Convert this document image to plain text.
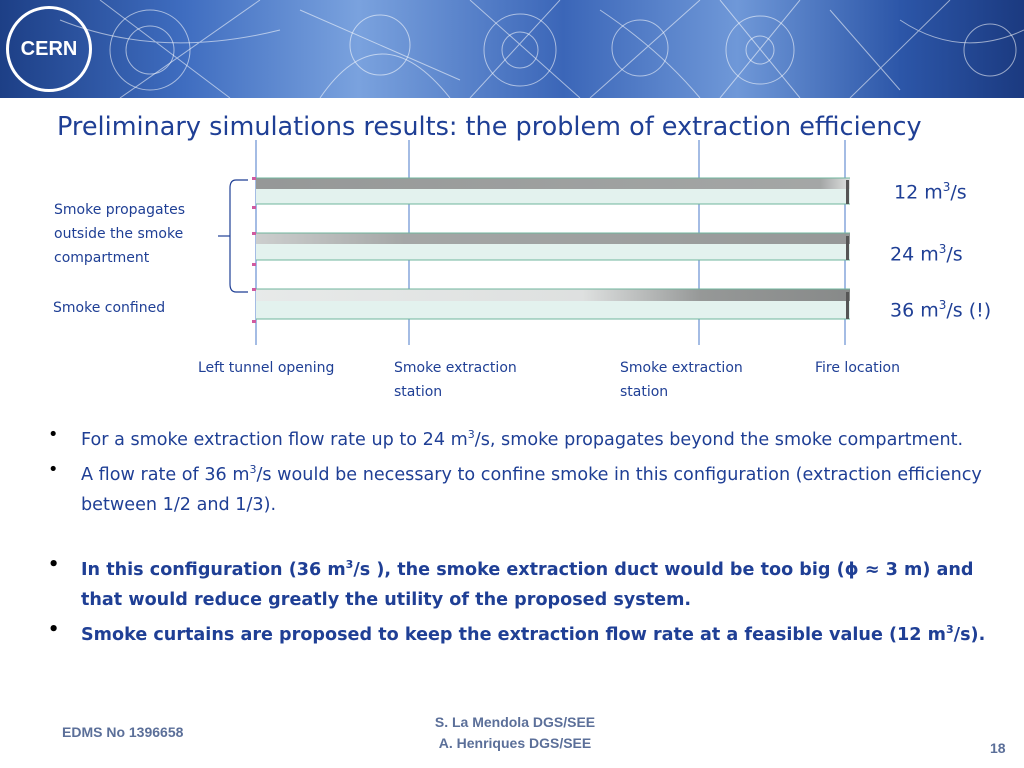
CERN
Preliminary simulations results: the problem of extraction efficiency
Smoke propagates
outside the smoke
compartment
Smoke confined
12 $m^3/s$
24 $m^3/s$
36 $m^3/s$ (!)
Left tunnel opening	Smoke extraction
station
Smoke extraction
station
Fire location
• For a smoke extraction flow rate up to 24 $m^3/s$, smoke propagates beyond the smoke compartment.
• A flow rate of 36 $m^3/s$ would be necessary to confine smoke in this configuration (extraction efficiency between 1/2 and 1/3).
• In this configuration (36 $m^3/s$ ), the smoke extraction duct would be too big (ϕ ≈ 3 m) and that would reduce greatly the utility of the proposed system.
• Smoke curtains are proposed to keep the extraction flow rate at a feasible value (12 $m^3/s$).
EDMS No 1396658
S. La Mendola DGS/SEE
A. Henriques DGS/SEE	18
